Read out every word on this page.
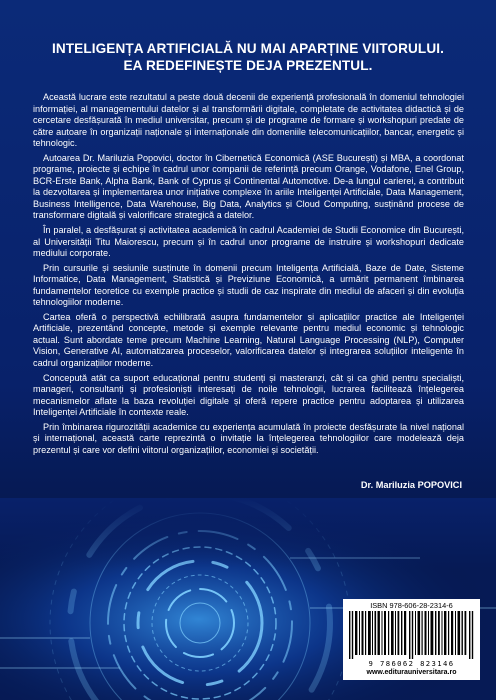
INTELIGENȚA ARTIFICIALĂ NU MAI APARȚINE VIITORULUI.
EA REDEFINEȘTE DEJA PREZENTUL.

Această lucrare este rezultatul a peste două decenii de experiență profesională în domeniul tehnologiei informației, al managementului datelor și al transformării digitale, completate de activitatea didactică și de cercetare desfășurată în mediul universitar, precum și de programe de formare și workshopuri predate de către autoare în organizații naționale și internaționale din domeniile telecomunicațiilor, bancar, energetic și tehnologic.

Autoarea Dr. Mariluzia Popovici, doctor în Cibernetică Economică (ASE București) și MBA, a coordonat programe, proiecte și echipe în cadrul unor companii de referință precum Orange, Vodafone, Enel Group, BCR-Erste Bank, Alpha Bank, Bank of Cyprus și Continental Automotive. De-a lungul carierei, a contribuit la dezvoltarea și implementarea unor inițiative complexe în ariile Inteligenței Artificiale, Data Management, Business Intelligence, Data Warehouse, Big Data, Analytics și Cloud Computing, susținând procese de transformare digitală și valorificare strategică a datelor.

În paralel, a desfășurat și activitatea academică în cadrul Academiei de Studii Economice din București, al Universității Titu Maiorescu, precum și în cadrul unor programe de instruire și workshopuri dedicate mediului corporate.

Prin cursurile și sesiunile susținute în domenii precum Inteligența Artificială, Baze de Date, Sisteme Informatice, Data Management, Statistică și Previziune Economică, a urmărit permanent îmbinarea fundamentelor teoretice cu exemple practice și studii de caz inspirate din mediul de afaceri și din evoluția tehnologiilor moderne.

Cartea oferă o perspectivă echilibrată asupra fundamentelor și aplicațiilor practice ale Inteligenței Artificiale, prezentând concepte, metode și exemple relevante pentru mediul economic și tehnologic actual. Sunt abordate teme precum Machine Learning, Natural Language Processing (NLP), Computer Vision, Generative AI, automatizarea proceselor, valorificarea datelor și integrarea soluțiilor inteligente în cadrul organizațiilor moderne.

Concepută atât ca suport educațional pentru studenți și masteranzi, cât și ca ghid pentru specialiști, manageri, consultanți și profesioniști interesați de noile tehnologii, lucrarea facilitează înțelegerea mecanismelor aflate la baza revoluției digitale și oferă repere practice pentru adoptarea și utilizarea Inteligenței Artificiale în contexte reale.

Prin îmbinarea rigurozității academice cu experiența acumulată în proiecte desfășurate la nivel național și internațional, această carte reprezintă o invitație la înțelegerea tehnologiilor care modelează deja prezentul și care vor defini viitorul organizațiilor, economiei și societății.

Dr. Mariluzia POPOVICI
ISBN 978-606-28-2314-6
9 786062 823146
www.editurauniversitara.ro
